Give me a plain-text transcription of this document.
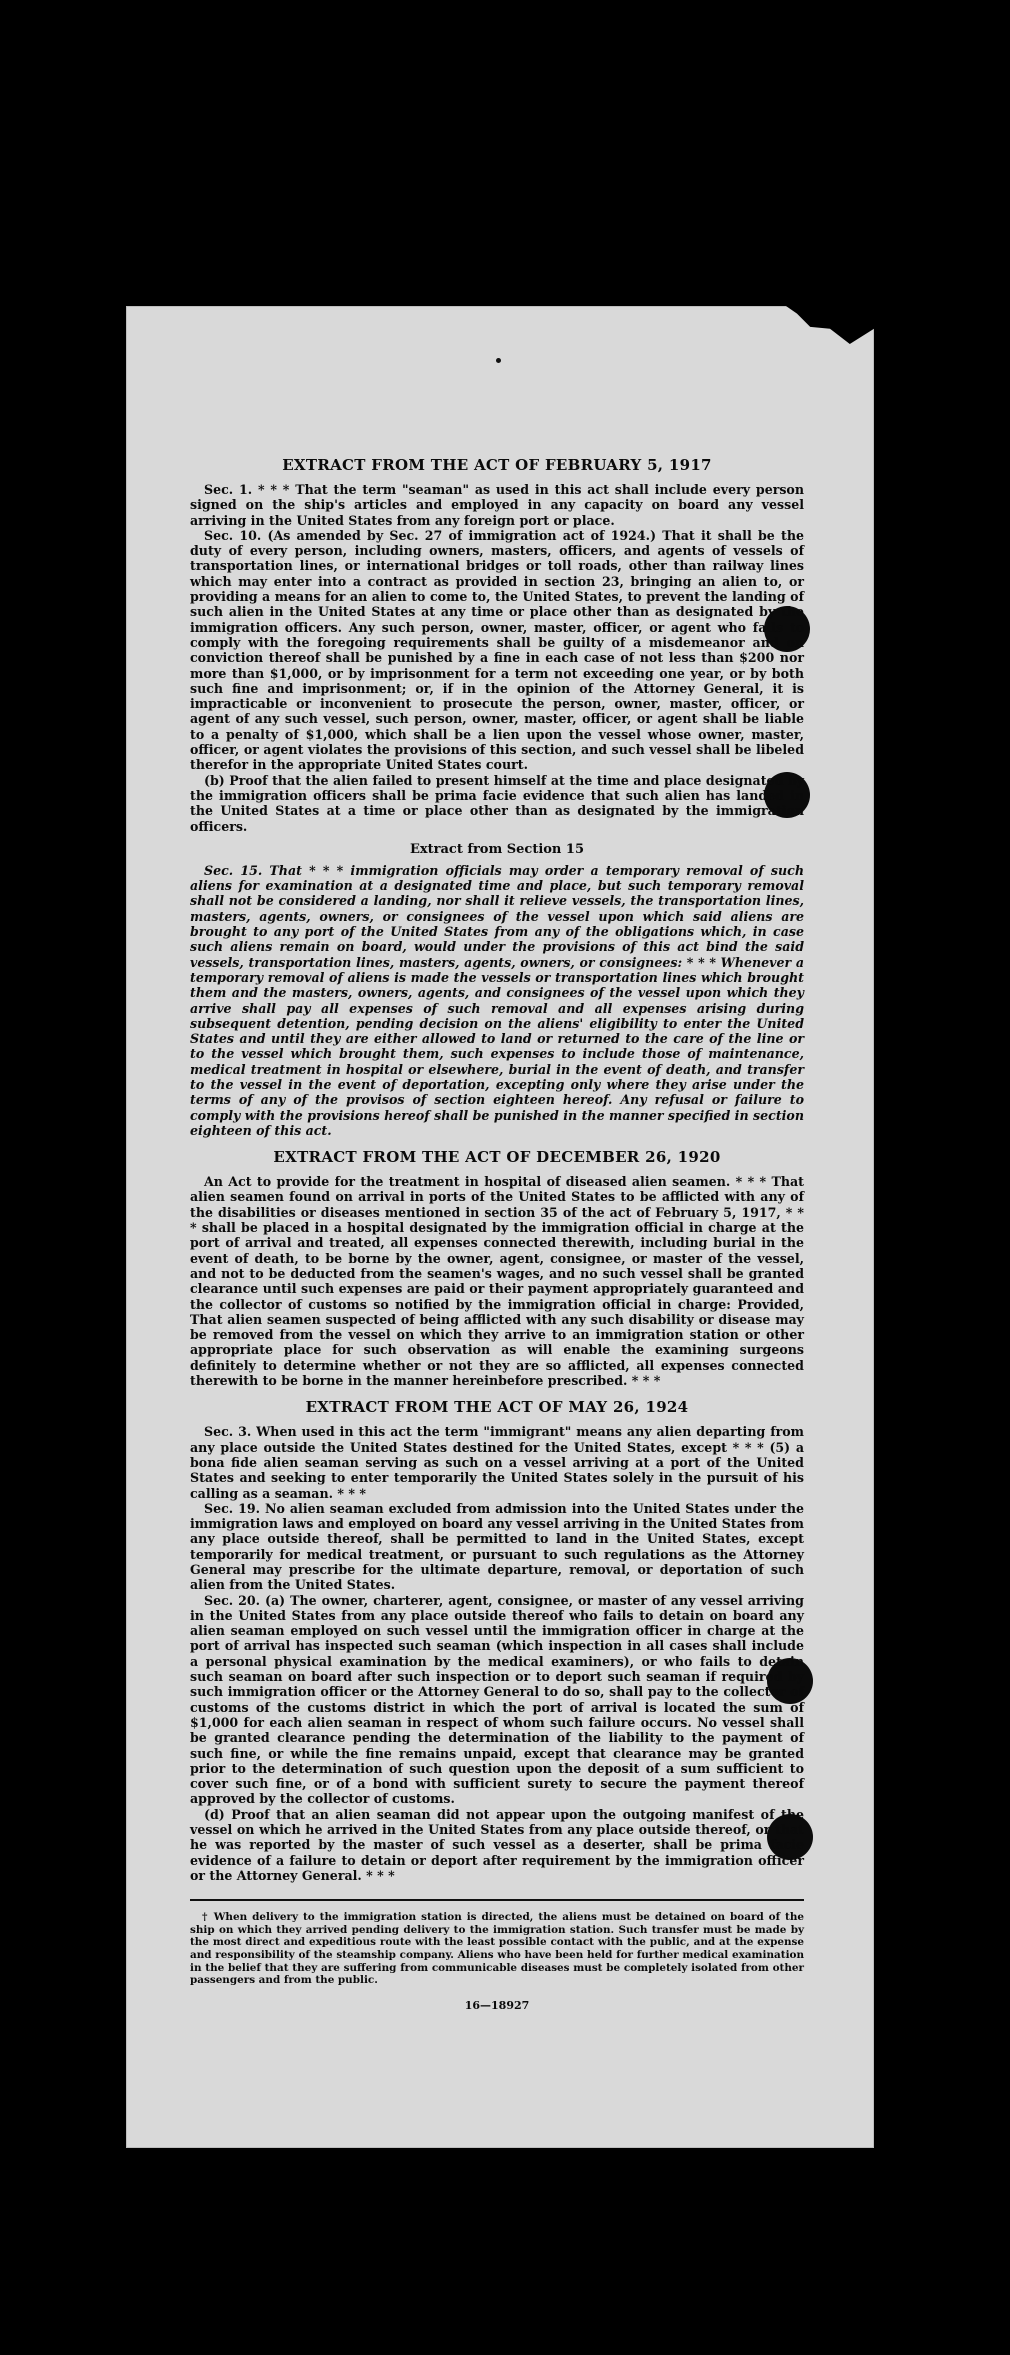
EXTRACT FROM THE ACT OF FEBRUARY 5, 1917

Sec. 1. * * * That the term "seaman" as used in this act shall include every person signed on the ship's articles and employed in any capacity on board any vessel arriving in the United States from any foreign port or place.

Sec. 10. (As amended by Sec. 27 of immigration act of 1924.) That it shall be the duty of every person, including owners, masters, officers, and agents of vessels of transportation lines, or international bridges or toll roads, other than railway lines which may enter into a contract as provided in section 23, bringing an alien to, or providing a means for an alien to come to, the United States, to prevent the landing of such alien in the United States at any time or place other than as designated by the immigration officers. Any such person, owner, master, officer, or agent who fails to comply with the foregoing requirements shall be guilty of a misdemeanor and on conviction thereof shall be punished by a fine in each case of not less than $200 nor more than $1,000, or by imprisonment for a term not exceeding one year, or by both such fine and imprisonment; or, if in the opinion of the Attorney General, it is impracticable or inconvenient to prosecute the person, owner, master, officer, or agent of any such vessel, such person, owner, master, officer, or agent shall be liable to a penalty of $1,000, which shall be a lien upon the vessel whose owner, master, officer, or agent violates the provisions of this section, and such vessel shall be libeled therefor in the appropriate United States court.

(b) Proof that the alien failed to present himself at the time and place designated by the immigration officers shall be prima facie evidence that such alien has landed in the United States at a time or place other than as designated by the immigration officers.

Extract from Section 15

Sec. 15. That * * * immigration officials may order a temporary removal of such aliens for examination at a designated time and place, but such temporary removal shall not be considered a landing, nor shall it relieve vessels, the transportation lines, masters, agents, owners, or consignees of the vessel upon which said aliens are brought to any port of the United States from any of the obligations which, in case such aliens remain on board, would under the provisions of this act bind the said vessels, transportation lines, masters, agents, owners, or consignees: * * * Whenever a temporary removal of aliens is made the vessels or transportation lines which brought them and the masters, owners, agents, and consignees of the vessel upon which they arrive shall pay all expenses of such removal and all expenses arising during subsequent detention, pending decision on the aliens' eligibility to enter the United States and until they are either allowed to land or returned to the care of the line or to the vessel which brought them, such expenses to include those of maintenance, medical treatment in hospital or elsewhere, burial in the event of death, and transfer to the vessel in the event of deportation, excepting only where they arise under the terms of any of the provisos of section eighteen hereof. Any refusal or failure to comply with the provisions hereof shall be punished in the manner specified in section eighteen of this act.

EXTRACT FROM THE ACT OF DECEMBER 26, 1920

An Act to provide for the treatment in hospital of diseased alien seamen. * * * That alien seamen found on arrival in ports of the United States to be afflicted with any of the disabilities or diseases mentioned in section 35 of the act of February 5, 1917, * * * shall be placed in a hospital designated by the immigration official in charge at the port of arrival and treated, all expenses connected therewith, including burial in the event of death, to be borne by the owner, agent, consignee, or master of the vessel, and not to be deducted from the seamen's wages, and no such vessel shall be granted clearance until such expenses are paid or their payment appropriately guaranteed and the collector of customs so notified by the immigration official in charge: Provided, That alien seamen suspected of being afflicted with any such disability or disease may be removed from the vessel on which they arrive to an immigration station or other appropriate place for such observation as will enable the examining surgeons definitely to determine whether or not they are so afflicted, all expenses connected therewith to be borne in the manner hereinbefore prescribed. * * *

EXTRACT FROM THE ACT OF MAY 26, 1924

Sec. 3. When used in this act the term "immigrant" means any alien departing from any place outside the United States destined for the United States, except * * * (5) a bona fide alien seaman serving as such on a vessel arriving at a port of the United States and seeking to enter temporarily the United States solely in the pursuit of his calling as a seaman. * * *

Sec. 19. No alien seaman excluded from admission into the United States under the immigration laws and employed on board any vessel arriving in the United States from any place outside thereof, shall be permitted to land in the United States, except temporarily for medical treatment, or pursuant to such regulations as the Attorney General may prescribe for the ultimate departure, removal, or deportation of such alien from the United States.

Sec. 20. (a) The owner, charterer, agent, consignee, or master of any vessel arriving in the United States from any place outside thereof who fails to detain on board any alien seaman employed on such vessel until the immigration officer in charge at the port of arrival has inspected such seaman (which inspection in all cases shall include a personal physical examination by the medical examiners), or who fails to detain such seaman on board after such inspection or to deport such seaman if required by such immigration officer or the Attorney General to do so, shall pay to the collector of customs of the customs district in which the port of arrival is located the sum of $1,000 for each alien seaman in respect of whom such failure occurs. No vessel shall be granted clearance pending the determination of the liability to the payment of such fine, or while the fine remains unpaid, except that clearance may be granted prior to the determination of such question upon the deposit of a sum sufficient to cover such fine, or of a bond with sufficient surety to secure the payment thereof approved by the collector of customs.

(d) Proof that an alien seaman did not appear upon the outgoing manifest of the vessel on which he arrived in the United States from any place outside thereof, or that he was reported by the master of such vessel as a deserter, shall be prima facie evidence of a failure to detain or deport after requirement by the immigration officer or the Attorney General. * * *

† When delivery to the immigration station is directed, the aliens must be detained on board of the ship on which they arrived pending delivery to the immigration station. Such transfer must be made by the most direct and expeditious route with the least possible contact with the public, and at the expense and responsibility of the steamship company. Aliens who have been held for further medical examination in the belief that they are suffering from communicable diseases must be completely isolated from other passengers and from the public.

16—18927
